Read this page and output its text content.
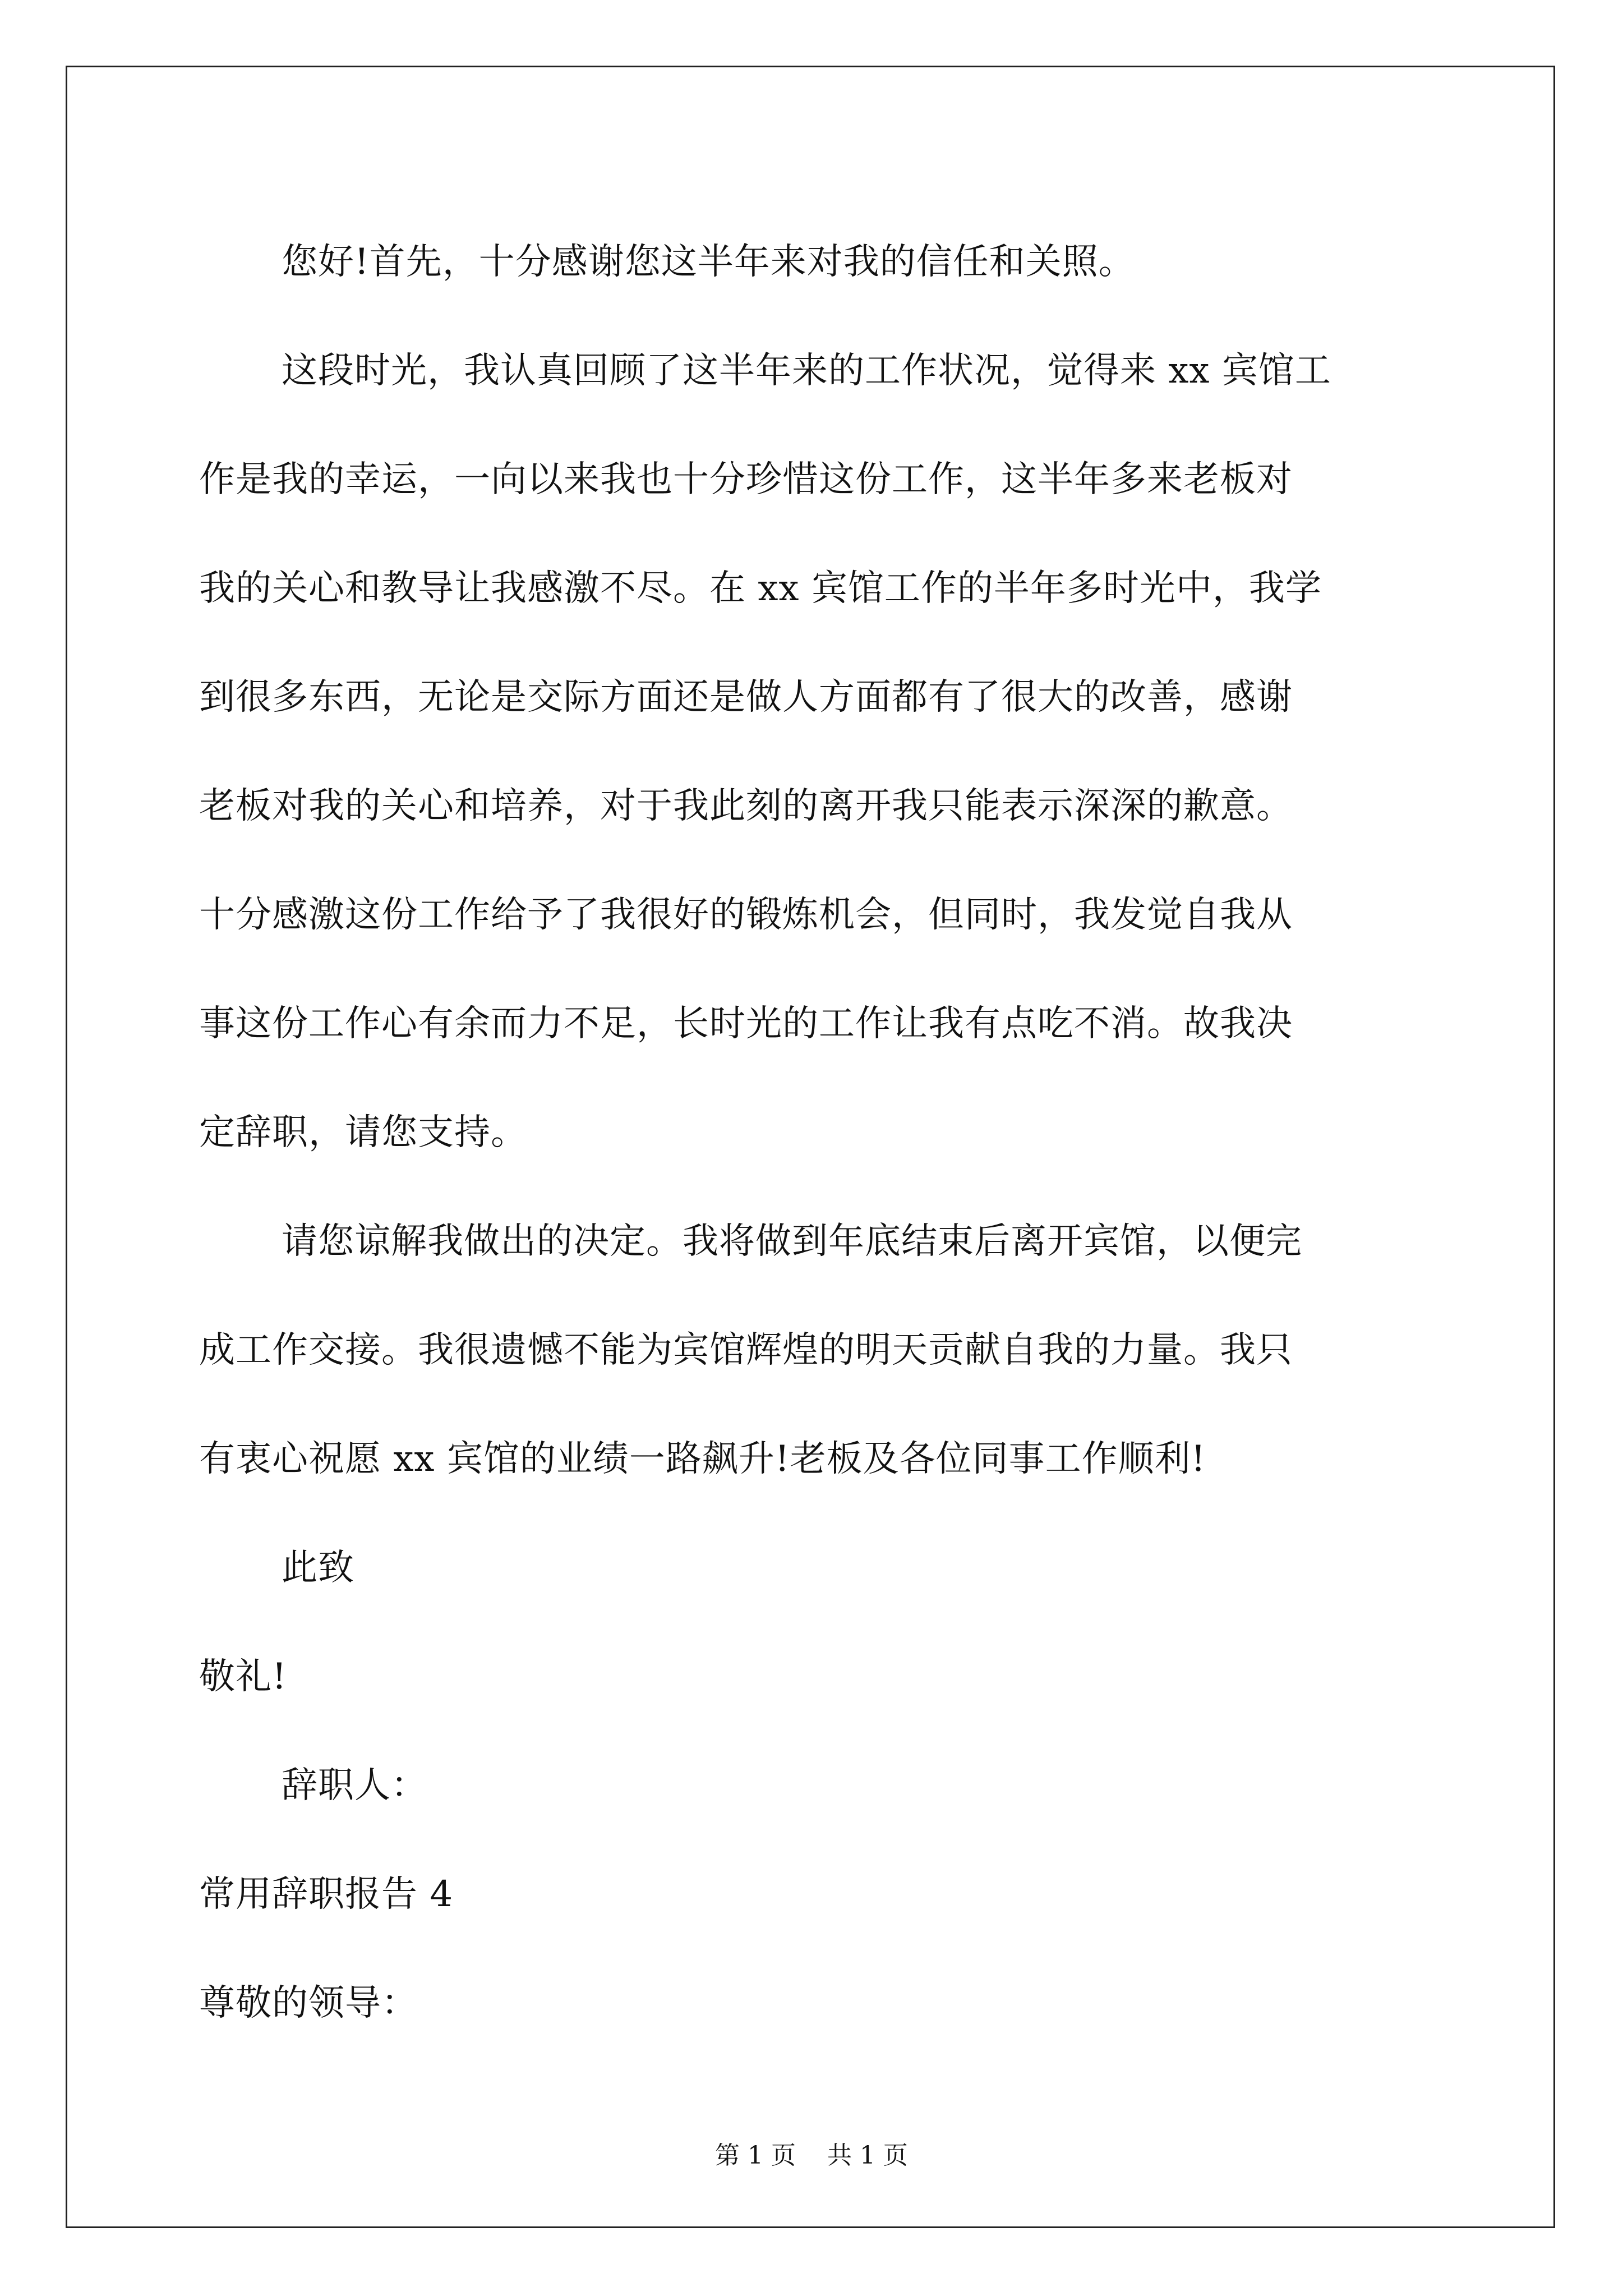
您好!首先，十分感谢您这半年来对我的信任和关照。

这段时光，我认真回顾了这半年来的工作状况，觉得来 xx 宾馆工

作是我的幸运，一向以来我也十分珍惜这份工作，这半年多来老板对

我的关心和教导让我感激不尽。在 xx 宾馆工作的半年多时光中，我学

到很多东西，无论是交际方面还是做人方面都有了很大的改善，感谢

老板对我的关心和培养，对于我此刻的离开我只能表示深深的歉意。

十分感激这份工作给予了我很好的锻炼机会，但同时，我发觉自我从

事这份工作心有余而力不足，长时光的工作让我有点吃不消。故我决

定辞职，请您支持。

请您谅解我做出的决定。我将做到年底结束后离开宾馆，以便完

成工作交接。我很遗憾不能为宾馆辉煌的明天贡献自我的力量。我只

有衷心祝愿 xx 宾馆的业绩一路飙升!老板及各位同事工作顺利!

此致

敬礼!

辞职人：

常用辞职报告 4

尊敬的领导：

第 1 页    共 1 页
